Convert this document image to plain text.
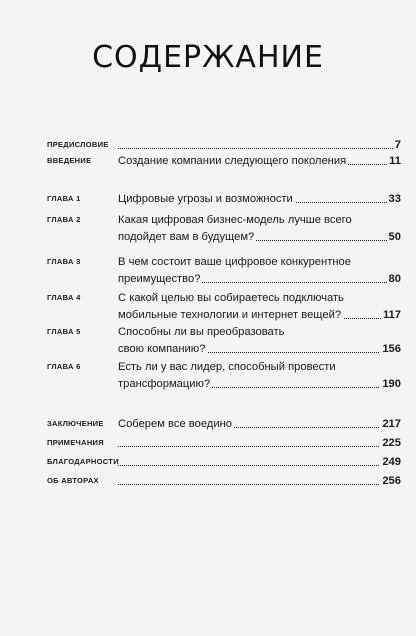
СОДЕРЖАНИЕ
ПРЕДИСЛОВИЕ	7
ВВЕДЕНИЕ Создание компании следующего поколения	11
ГЛАВА 1	Цифровые угрозы и возможности	33
ГЛАВА 2	Какая цифровая бизнес-модель лучше всего
подойдет вам в будущем?	50
ГЛАВА 3	В чем состоит ваше цифровое конкурентное
преимущество?	80
ГЛАВА 4	С какой целью вы собираетесь подключать
мобильные технологии и интернет вещей?	117
ГЛАВА 5	Способны ли вы преобразовать
свою компанию?	156
ГЛАВА 6	Есть ли у вас лидер, способный провести
трансформацию?	190
ЗАКЛЮЧЕНИЕ Соберем все воедино	217
ПРИМЕЧАНИЯ	225
БЛАГОДАРНОСТИ	249
ОБ АВТОРАХ	256
